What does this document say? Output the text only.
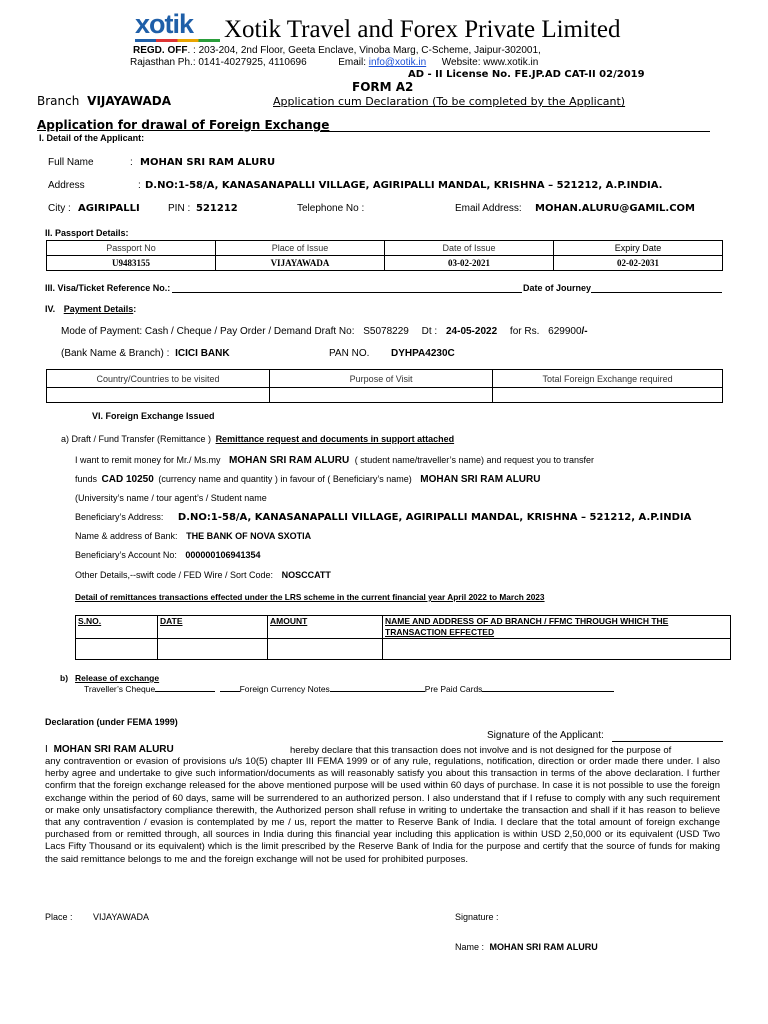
xotik	Xotik Travel and Forex Private Limited
REGD. OFF. : 203-204, 2nd Floor, Geeta Enclave, Vinoba Marg, C-Scheme, Jaipur-302001,
Rajasthan Ph.: 0141-4027925, 4110696	Email: info@xotik.in Website: www.xotik.in
AD - II License No. FE.JP.AD CAT-II 02/2019
FORM A2
Branch VIJAYAWADA	Application cum Declaration (To be completed by the Applicant)
Application for drawal of Foreign Exchange
I. Detail of the Applicant:
Full Name	: MOHAN SRI RAM ALURU
Address	: D.NO:1-58/A, KANASANAPALLI VILLAGE, AGIRIPALLI MANDAL, KRISHNA – 521212, A.P.INDIA.
City : AGIRIPALLI	PIN : 521212	Telephone No :	Email Address: MOHAN.ALURU@GAMIL.COM
II. Passport Details:
Passport No	Place of Issue	Date of Issue	Expiry Date
U9483155	VIJAYAWADA	03-02-2021	02-02-2031
III. Visa/Ticket Reference No.:	Date of Journey
IV. Payment Details:
Mode of Payment: Cash / Cheque / Pay Order / Demand Draft No: S5078229 Dt : 24-05-2022 for Rs. 629900/-
(Bank Name & Branch) : ICICI BANK	PAN NO. DYHPA4230C
Country/Countries to be visited	Purpose of Visit	Total Foreign Exchange required

VI. Foreign Exchange Issued
a) Draft / Fund Transfer (Remittance ) Remittance request and documents in support attached
I want to remit money for Mr./ Ms.my MOHAN SRI RAM ALURU ( student name/traveller’s name) and request you to transfer
funds CAD 10250 (currency name and quantity ) in favour of ( Beneficiary’s name) MOHAN SRI RAM ALURU
(University’s name / tour agent’s / Student name
Beneficiary’s Address: D.NO:1-58/A, KANASANAPALLI VILLAGE, AGIRIPALLI MANDAL, KRISHNA – 521212, A.P.INDIA
Name & address of Bank: THE BANK OF NOVA SXOTIA
Beneficiary’s Account No: 000000106941354
Other Details,--swift code / FED Wire / Sort Code: NOSCCATT
Detail of remittances transactions effected under the LRS scheme in the current financial year April 2022 to March 2023
S.NO.	DATE	AMOUNT	NAME AND ADDRESS OF AD BRANCH / FFMC THROUGH WHICH THE TRANSACTION EFFECTED

b) Release of exchange
Traveller’s Cheque	Foreign Currency Notes	Pre Paid Cards
Declaration (under FEMA 1999)
Signature of the Applicant:
I MOHAN SRI RAM ALURU	hereby declare that this transaction does not involve and is not designed for the purpose of
any contravention or evasion of provisions u/s 10(5) chapter III FEMA 1999 or of any rule, regulations, notification, direction or order made there under. I also herby agree and undertake to give such information/documents as will reasonably satisfy you about this transaction in terms of the above declaration. I further confirm that the foreign exchange released for the above mentioned purpose will be used within 60 days of purchase. In case it is not possible to use the foreign exchange within the period of 60 days, same will be surrendered to an authorized person. I also understand that if I refuse to comply with any such requirement or make only unsatisfactory compliance therewith, the Authorized person shall refuse in writing to undertake the transaction and shall if it has reason to believe that any contravention / evasion is contemplated by me / us, report the matter to Reserve Bank of India. I declare that the total amount of foreign exchange purchased from or remitted through, all sources in India during this financial year including this application is within USD 2,50,000 or its equivalent (USD Two Lacs Fifty Thousand or its equivalent) which is the limit prescribed by the Reserve Bank of India for the purpose and certify that the source of funds for making the said remittance belongs to me and the foreign exchange will not be used for prohibited purposes.
Place : VIJAYAWADA	Signature :
Name : MOHAN SRI RAM ALURU
